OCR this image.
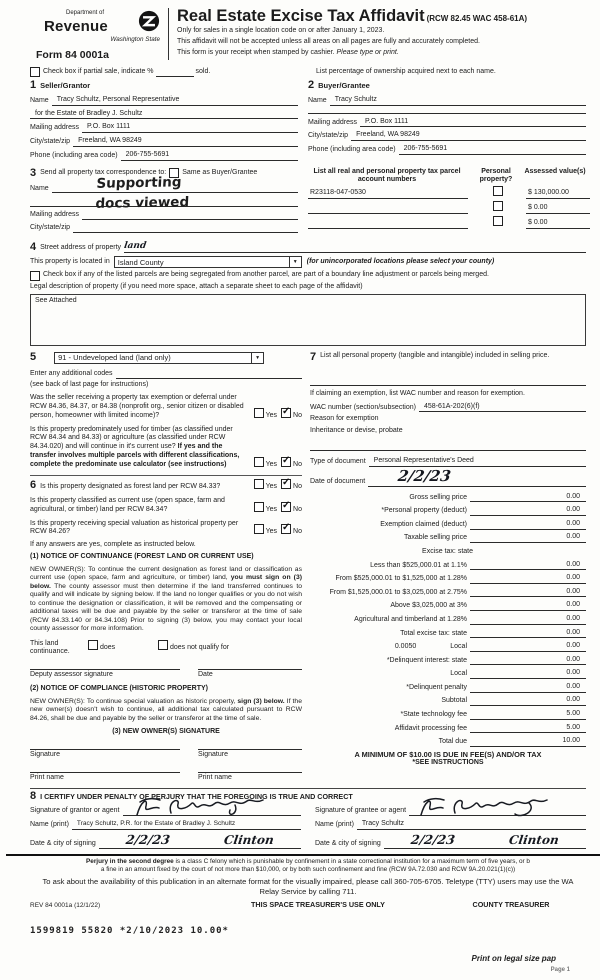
Department of
Revenue
Washington State
Form 84 0001a
Real Estate Excise Tax Affidavit (RCW 82.45 WAC 458-61A)
Only for sales in a single location code on or after January 1, 2023.
This affidavit will not be accepted unless all areas on all pages are fully and accurately completed.
This form is your receipt when stamped by cashier. Please type or print.
Check box if partial sale, indicate %	sold.	List percentage of ownership acquired next to each name.
1 Seller/Grantor
Name	Tracy Schultz, Personal Representative
for the Estate of Bradley J. Schultz
Mailing address	P.O. Box 1111
City/state/zip	Freeland, WA 98249
Phone (including area code)	206-755-5691
2 Buyer/Grantee
Name	Tracy Schultz
Mailing address	P.O. Box 1111
City/state/zip	Freeland, WA 98249
Phone (including area code)	206-755-5691
3 Send all property tax correspondence to: Same as Buyer/Grantee
Supporting
docs viewed
Name
Mailing address
City/state/zip
List all real and personal property tax parcel account numbers
Personal property?
Assessed value(s)
R23118-047-0530	$ 130,000.00
$ 0.00
$ 0.00
4 Street address of property land
This property is located in Island County	▼	(for unincorporated locations please select your county)
Check box if any of the listed parcels are being segregated from another parcel, are part of a boundary line adjustment or parcels being merged.
Legal description of property (if you need more space, attach a separate sheet to each page of the affidavit)
See Attached
5	91 - Undeveloped land (land only)	▼
Enter any additional codes
(see back of last page for instructions)
Was the seller receiving a property tax exemption or deferral under RCW 84.36, 84.37, or 84.38 (nonprofit org., senior citizen or disabled person, homeowner with limited income)?	Yes ✓ No
Is this property predominately used for timber (as classified under RCW 84.34 and 84.33) or agriculture (as classified under RCW 84.34.020) and will continue in it's current use? If yes and the transfer involves multiple parcels with different classifications, complete the predominate use calculator (see instructions)	Yes ✓ No
6 Is this property designated as forest land per RCW 84.33?	Yes ✓ No
Is this property classified as current use (open space, farm and agricultural, or timber) land per RCW 84.34?	Yes ✓ No
Is this property receiving special valuation as historical property per RCW 84.26?	Yes ✓ No
If any answers are yes, complete as instructed below.
(1) NOTICE OF CONTINUANCE (FOREST LAND OR CURRENT USE)
NEW OWNER(S): To continue the current designation as forest land or classification as current use (open space, farm and agriculture, or timber) land, you must sign on (3) below. The county assessor must then determine if the land transferred continues to qualify and will indicate by signing below. If the land no longer qualifies or you do not wish to continue the designation or classification, it will be removed and the compensating or additional taxes will be due and payable by the seller or transferor at the time of sale (RCW 84.33.140 or 84.34.108) Prior to signing (3) below, you may contact your local county assessor for more information.
This land
continuance.
does	does not qualify for
Deputy assessor signature	Date
(2) NOTICE OF COMPLIANCE (HISTORIC PROPERTY)
NEW OWNER(S): To continue special valuation as historic property, sign (3) below. If the new owner(s) doesn't wish to continue, all additional tax calculated pursuant to RCW 84.26, shall be due and payable by the seller or transferor at the time of sale.
(3) NEW OWNER(S) SIGNATURE
Signature	Signature
Print name	Print name
7 List all personal property (tangible and intangible) included in selling price.
If claiming an exemption, list WAC number and reason for exemption.
WAC number (section/subsection)	458-61A-202(6)(f)
Reason for exemption
Inheritance or devise, probate
Type of document	Personal Representative's Deed
Date of document	2/2/23
Gross selling price	0.00
*Personal property (deduct)	0.00
Exemption claimed (deduct)	0.00
Taxable selling price	0.00
Excise tax: state
Less than $525,000.01 at 1.1%	0.00
From $525,000.01 to $1,525,000 at 1.28%	0.00
From $1,525,000.01 to $3,025,000 at 2.75%	0.00
Above $3,025,000 at 3%	0.00
Agricultural and timberland at 1.28%	0.00
Total excise tax: state	0.00
0.0050	Local	0.00
*Delinquent interest: state	0.00
Local	0.00
*Delinquent penalty	0.00
Subtotal	0.00
*State technology fee	5.00
Affidavit processing fee	5.00
Total due	10.00
A MINIMUM OF $10.00 IS DUE IN FEE(S) AND/OR TAX
*SEE INSTRUCTIONS
8 I CERTIFY UNDER PENALTY OF PERJURY THAT THE FOREGOING IS TRUE AND CORRECT
Signature of grantor or agent
Name (print)	Tracy Schultz, P.R. for the Estate of Bradley J. Schultz
Date & city of signing 2/2/23	Clinton
Signature of grantee or agent
Name (print)	Tracy Schultz
Date & city of signing 2/2/23	Clinton
Perjury in the second degree is a class C felony which is punishable by confinement in a state correctional institution for a maximum term of five years, or b
a fine in an amount fixed by the court of not more than $10,000, or by both such confinement and fine (RCW 9A.72.030 and RCW 9A.20.021(1)(c))
To ask about the availability of this publication in an alternate format for the visually impaired, please call 360-705-6705. Teletype (TTY) users may use the WA Relay Service by calling 711.
REV 84 0001a (12/1/22)	THIS SPACE TREASURER'S USE ONLY	COUNTY TREASURER
1599819 55820 *2/10/2023 10.00*
Print on legal size pap
Page 1
